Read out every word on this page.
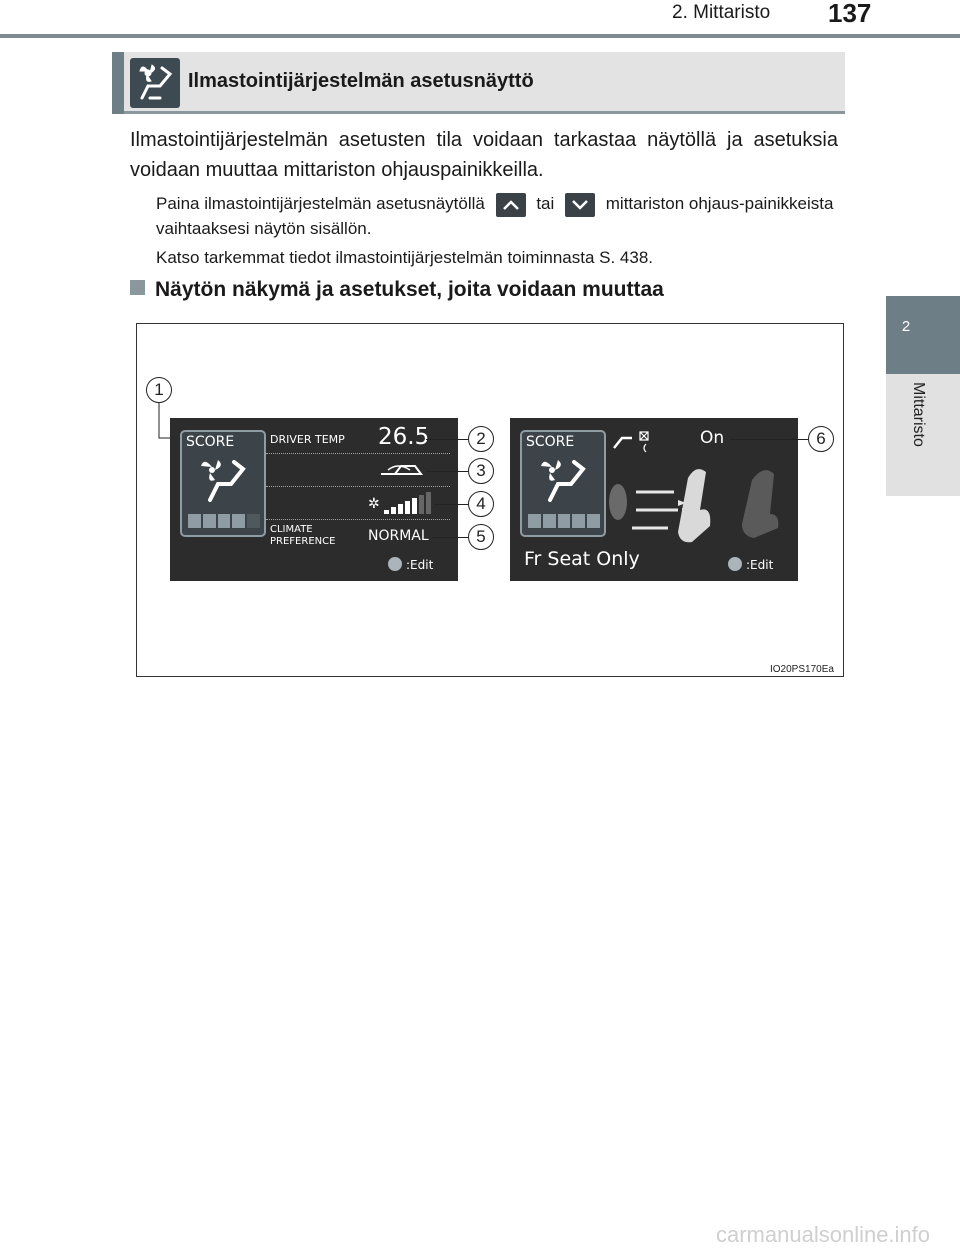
2. Mittaristo 137
2
Mittaristo
Ilmastointijärjestelmän asetusnäyttö
Ilmastointijärjestelmän asetusten tila voidaan tarkastaa näytöllä ja asetuksia voidaan muuttaa mittariston ohjauspainikkeilla.
Paina ilmastointijärjestelmän asetusnäytöllä	tai	mittariston ohjaus-painikkeista vaihtaaksesi näytön sisällön.
Katso tarkemmat tiedot ilmastointijärjestelmän toiminnasta S. 438.
Näytön näkymä ja asetukset, joita voidaan muuttaa
1
SCORE	DRIVER TEMP 26.5
✲
CLIMATE
PREFERENCE NORMAL
:Edit
SCORE	On
Fr Seat Only	:Edit
2
3
4
5
6
IO20PS170Ea
carmanualsonline.info
